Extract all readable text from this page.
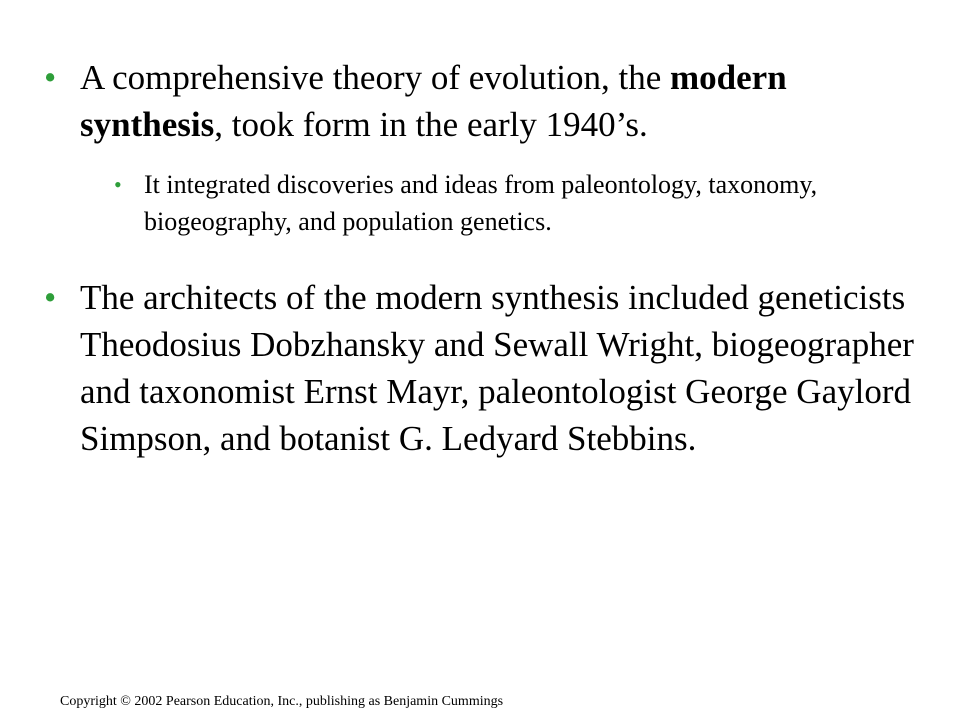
• A comprehensive theory of evolution, the modern synthesis, took form in the early 1940’s.
• It integrated discoveries and ideas from paleontology, taxonomy, biogeography, and population genetics.
• The architects of the modern synthesis included geneticists Theodosius Dobzhansky and Sewall Wright, biogeographer and taxonomist Ernst Mayr, paleontologist George Gaylord Simpson, and botanist G. Ledyard Stebbins.
Copyright © 2002 Pearson Education, Inc., publishing as Benjamin Cummings
